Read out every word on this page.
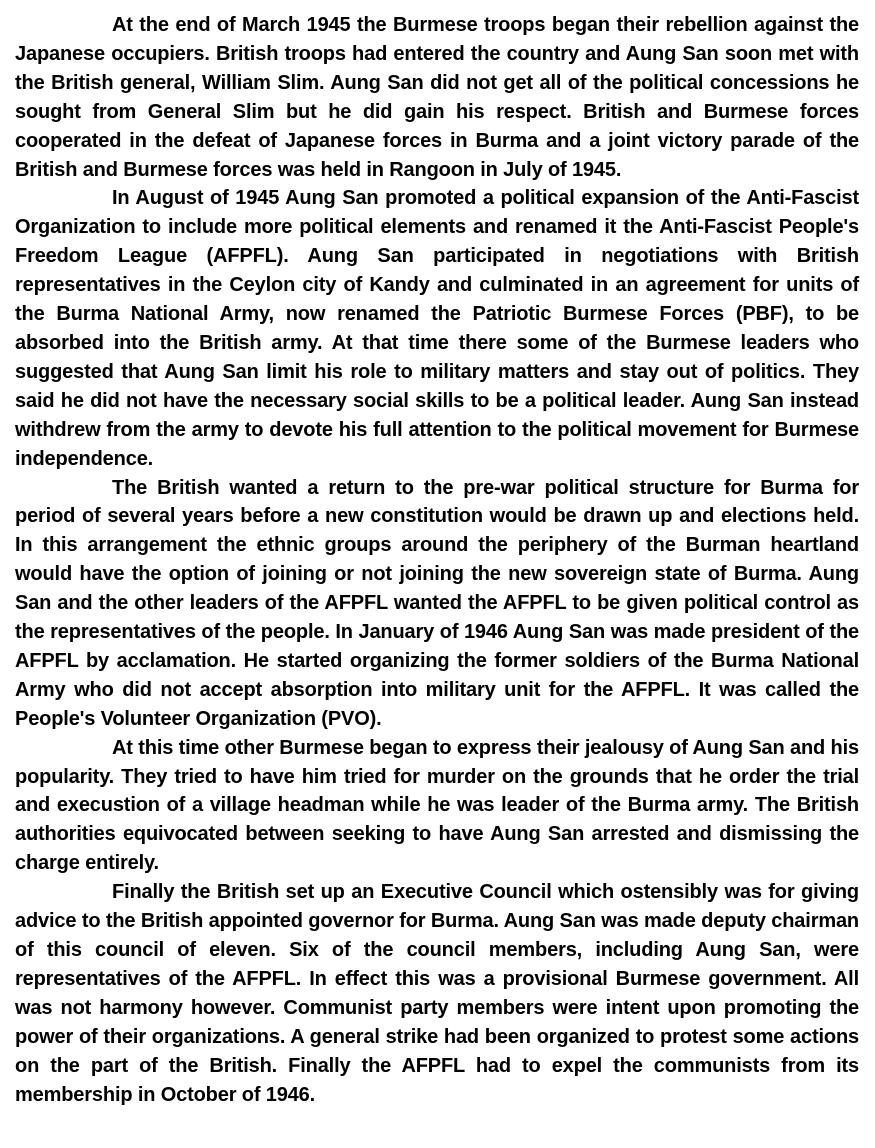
At the end of March 1945 the Burmese troops began their rebellion against the Japanese occupiers. British troops had entered the country and Aung San soon met with the British general, William Slim. Aung San did not get all of the political concessions he sought from General Slim but he did gain his respect. British and Burmese forces cooperated in the defeat of Japanese forces in Burma and a joint victory parade of the British and Burmese forces was held in Rangoon in July of 1945.

In August of 1945 Aung San promoted a political expansion of the Anti-Fascist Organization to include more political elements and renamed it the Anti-Fascist People's Freedom League (AFPFL). Aung San participated in negotiations with British representatives in the Ceylon city of Kandy and culminated in an agreement for units of the Burma National Army, now renamed the Patriotic Burmese Forces (PBF), to be absorbed into the British army. At that time there some of the Burmese leaders who suggested that Aung San limit his role to military matters and stay out of politics. They said he did not have the necessary social skills to be a political leader. Aung San instead withdrew from the army to devote his full attention to the political movement for Burmese independence.

The British wanted a return to the pre-war political structure for Burma for period of several years before a new constitution would be drawn up and elections held. In this arrangement the ethnic groups around the periphery of the Burman heartland would have the option of joining or not joining the new sovereign state of Burma. Aung San and the other leaders of the AFPFL wanted the AFPFL to be given political control as the representatives of the people. In January of 1946 Aung San was made president of the AFPFL by acclamation. He started organizing the former soldiers of the Burma National Army who did not accept absorption into military unit for the AFPFL. It was called the People's Volunteer Organization (PVO).

At this time other Burmese began to express their jealousy of Aung San and his popularity. They tried to have him tried for murder on the grounds that he order the trial and execustion of a village headman while he was leader of the Burma army. The British authorities equivocated between seeking to have Aung San arrested and dismissing the charge entirely.

Finally the British set up an Executive Council which ostensibly was for giving advice to the British appointed governor for Burma. Aung San was made deputy chairman of this council of eleven. Six of the council members, including Aung San, were representatives of the AFPFL. In effect this was a provisional Burmese government. All was not harmony however. Communist party members were intent upon promoting the power of their organizations. A general strike had been organized to protest some actions on the part of the British. Finally the AFPFL had to expel the communists from its membership in October of 1946.
